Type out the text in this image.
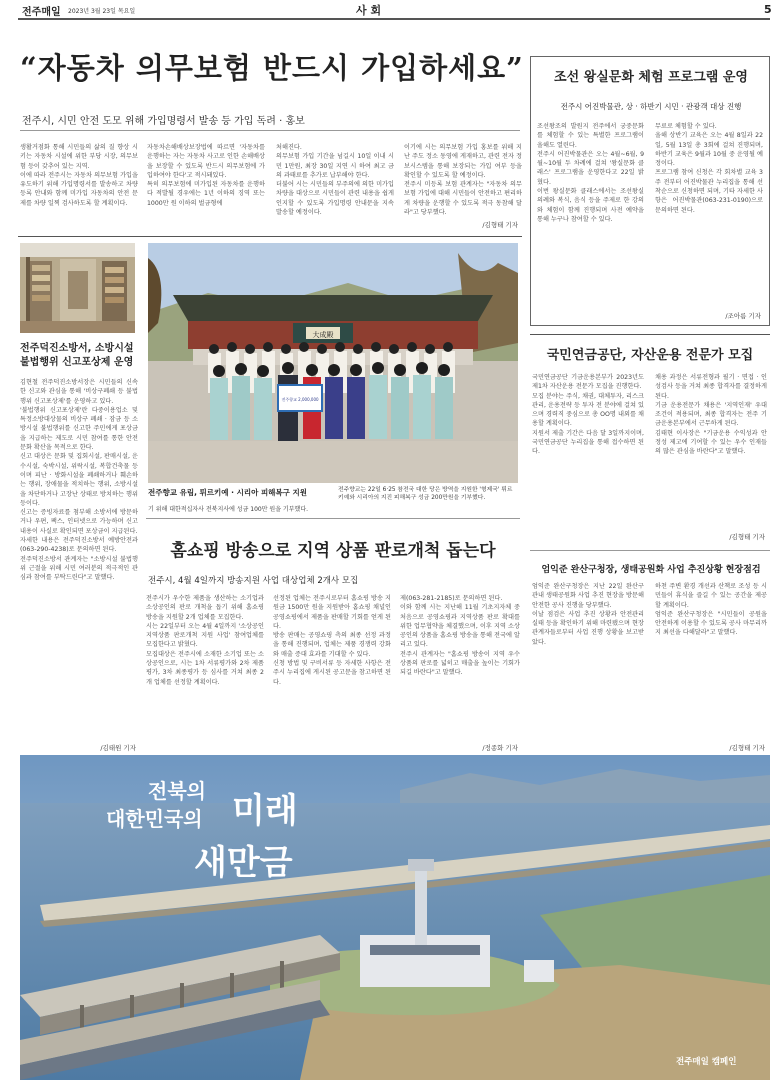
전주매일 2023년 3월 23일 목요일	사 회	5
“자동차 의무보험 반드시 가입하세요”
전주시, 시민 안전 도모 위해 가입명령서 발송 등 가입 독려 · 홍보
생활거점화 통해 시민들의 삶의 질 향상 시키는 자동차 시설에 위한 부당 시장, 의무보험 등이 갖추어 있는 지역.
이에 따라 전주시는 자동차 의무보험 가입을 유도하기 위해 가입명령서를 발송하고 차량 등록 안내와 함께 미가입 자동차의 안전 문제를 차량 일찍 검사하도록 할 계획이다.
자동차손해배상보장법에 따르면 '자동차를 운행하는 자는 자동차 사고로 인한 손해배상을 보장할 수 있도록 반드시 의무보험에 가입하여야 한다'고 적시돼있다.
특히 의무보험에 미가입된 자동차를 운행하다 적발될 경우에는 1년 이하의 징역 또는 1000만 원 이하의 벌금형에
처해진다.
의무보험 가입 기간을 넘길시 10일 이내 시민 1만원, 최장 30일 지연 시 하여 최고 금의 과태료를 추가로 납부해야 한다.
더불어 시는 시민들의 부주의에 의한 미가입 차량을 대상으로 시민들이 관련 내용을 쉽게 인지할 수 있도록 가입명령 안내문을 지속 발송할 예정이다.
이기에 시는 의무보험 가입 홍보를 위해 지난 주도 정소 동영에 게재하고, 관련 전자 정보시스템을 통해 보장되는 가입 여부 등을 확인할 수 있도록 할 예정이다.
전주시 미등록 보험 관계자는 "자동차 의무보험 가입에 대해 시민들이 안전하고 편리하게 차량을 운행할 수 있도록 적극 동참해 달라"고 당부했다.
/김형태 기자
조선 왕실문화 체험 프로그램 운영
전주시 어진박물관, 상 · 하반기 시민 · 관광객 대상 진행
조선왕조의 발원지 전주에서 궁중문화를 체험할 수 있는 특별한 프로그램이 올해도 열린다.
전주시 어진박물관은 오는 4월~6월, 9월~10월 두 차례에 걸쳐 '왕실문화 클래스' 프로그램을 운영한다고 22일 밝혔다.
이번 왕실문화 클래스에서는 조선왕실 의례와 복식, 음식 등을 주제로 한 강의와 체험이 함께 진행되며 사전 예약을 통해 누구나 참여할 수 있다.
무료로 체험할 수 있다.
올해 상반기 교육은 오는 4월 8일과 22일, 5월 13일 총 3회에 걸쳐 진행되며, 하반기 교육은 9월과 10월 중 운영될 예정이다.
프로그램 참여 신청은 각 회차별 교육 3주 전부터 어진박물관 누리집을 통해 선착순으로 신청하면 되며, 기타 자세한 사항은 어진박물관(063-231-0190)으로 문의하면 된다.
/조아름 기자
전주덕진소방서, 소방시설 불법행위 신고포상제 운영
김현철 전주덕진소방서장은 시민들의 신속한 신고와 관심을 통해 '비상구폐쇄 등 불법행위 신고포상제'를 운영하고 있다.
'불법행위 신고포상제'란 다중이용업소 및 특정소방대상물의 비상구 폐쇄 · 잠금 등 소방시설 불법행위를 신고한 주민에게 포상금을 지급하는 제도로 시민 참여를 통한 안전문화 확산을 목적으로 한다.
신고 대상은 문화 및 집회시설, 판매시설, 운수시설, 숙박시설, 위락시설, 복합건축물 등이며 피난 · 방화시설을 폐쇄하거나 훼손하는 행위, 장애물을 적치하는 행위, 소방시설을 차단하거나 고장난 상태로 방치하는 행위 등이다.
신고는 증빙자료를 첨부해 소방서에 방문하거나 우편, 팩스, 인터넷으로 가능하며 신고 내용이 사실로 확인되면 포상금이 지급된다.
자세한 내용은 전주덕진소방서 예방안전과(063-290-4238)로 문의하면 된다.
전주덕진소방서 관계자는 "소방시설 불법행위 근절을 위해 시민 여러분의 적극적인 관심과 참여를 부탁드린다"고 말했다.
/김태원 기자
大成殿
전주향교 2,000,000
전주향교 유림, 튀르키예 · 시리아 피해복구 지원	전주향교는 22일 6·25 참전국 대한 당은 방역을 지원한 '형제국' 튀르키예와 시리아의 지진 피해복구 성금 200만원을 기부했다.
기 위해 대한적십자사 전북지사에 성금 100만 원을 기부했다.
홈쇼핑 방송으로 지역 상품 판로개척 돕는다
전주시, 4월 4일까지 방송지원 사업 대상업체 2개사 모집
전주시가 우수한 제품을 생산하는 소기업과 소상공인의 판로 개척을 돕기 위해 홈쇼핑 방송을 지원할 2개 업체를 모집한다.
시는 22일부터 오는 4월 4일까지 '소상공인 지역상품 판로개척 지원 사업' 참여업체를 모집한다고 밝혔다.
모집대상은 전주시에 소재한 소기업 또는 소상공인으로, 시는 1차 서류평가와 2차 제품평가, 3차 최종평가 등 심사를 거쳐 최종 2개 업체를 선정할 계획이다.
선정된 업체는 전주시로부터 홈쇼핑 방송 지원금 1500만 원을 지원받아 홈쇼핑 채널인 공영쇼핑에서 제품을 판매할 기회를 얻게 된다.
방송 판매는 공영쇼핑 측의 최종 선정 과정을 통해 진행되며, 업체는 제품 경쟁력 강화와 매출 증대 효과를 기대할 수 있다.
신청 방법 및 구비서류 등 자세한 사항은 전주시 누리집에 게시된 공고문을 참고하면 된다.
제(063-281-2185)로 문의하면 된다.
이와 함께 시는 지난해 11월 기초지자체 중 처음으로 공영쇼핑과 지역상품 판로 확대를 위한 업무협약을 체결했으며, 이후 지역 소상공인의 상품을 홈쇼핑 방송을 통해 전국에 알리고 있다.
전주시 관계자는 "홈쇼핑 방송이 지역 우수 상품의 판로를 넓히고 매출을 높이는 기회가 되길 바란다"고 말했다.
/정종화 기자
국민연금공단, 자산운용 전문가 모집
국민연금공단 기금운용본부가 2023년도 제1차 자산운용 전문가 모집을 진행한다.
모집 분야는 주식, 채권, 대체투자, 리스크관리, 운용전략 등 투자 전 분야에 걸쳐 있으며 경력직 중심으로 총 OO명 내외를 채용할 계획이다.
지원서 제출 기간은 다음 달 3일까지이며, 국민연금공단 누리집을 통해 접수하면 된다.
채용 과정은 서류전형과 필기 · 면접 · 인성검사 등을 거쳐 최종 합격자를 결정하게 된다.
기금 운용전문가 채용은 '지역인재' 우대 조건이 적용되며, 최종 합격자는 전주 기금운용본부에서 근무하게 된다.
김태현 이사장은 "기금운용 수익성과 안정성 제고에 기여할 수 있는 우수 인재들의 많은 관심을 바란다"고 말했다.
/김형태 기자
엄익준 완산구청장, 생태공원화 사업 추진상황 현장점검
엄익준 완산구청장은 지난 22일 완산구 관내 생태공원화 사업 추진 현장을 방문해 안전한 공사 진행을 당부했다.
이날 점검은 사업 추진 상황과 안전관리 실태 등을 확인하기 위해 마련됐으며 현장 관계자들로부터 사업 진행 상황을 보고받았다.
하천 주변 환경 개선과 산책로 조성 등 시민들이 휴식을 즐길 수 있는 공간을 제공할 계획이다.
엄익준 완산구청장은 "시민들이 공원을 안전하게 이용할 수 있도록 공사 마무리까지 최선을 다해달라"고 말했다.
/김형태 기자
전북의
대한민국의 미래
새만금
전주매일 캠페인
